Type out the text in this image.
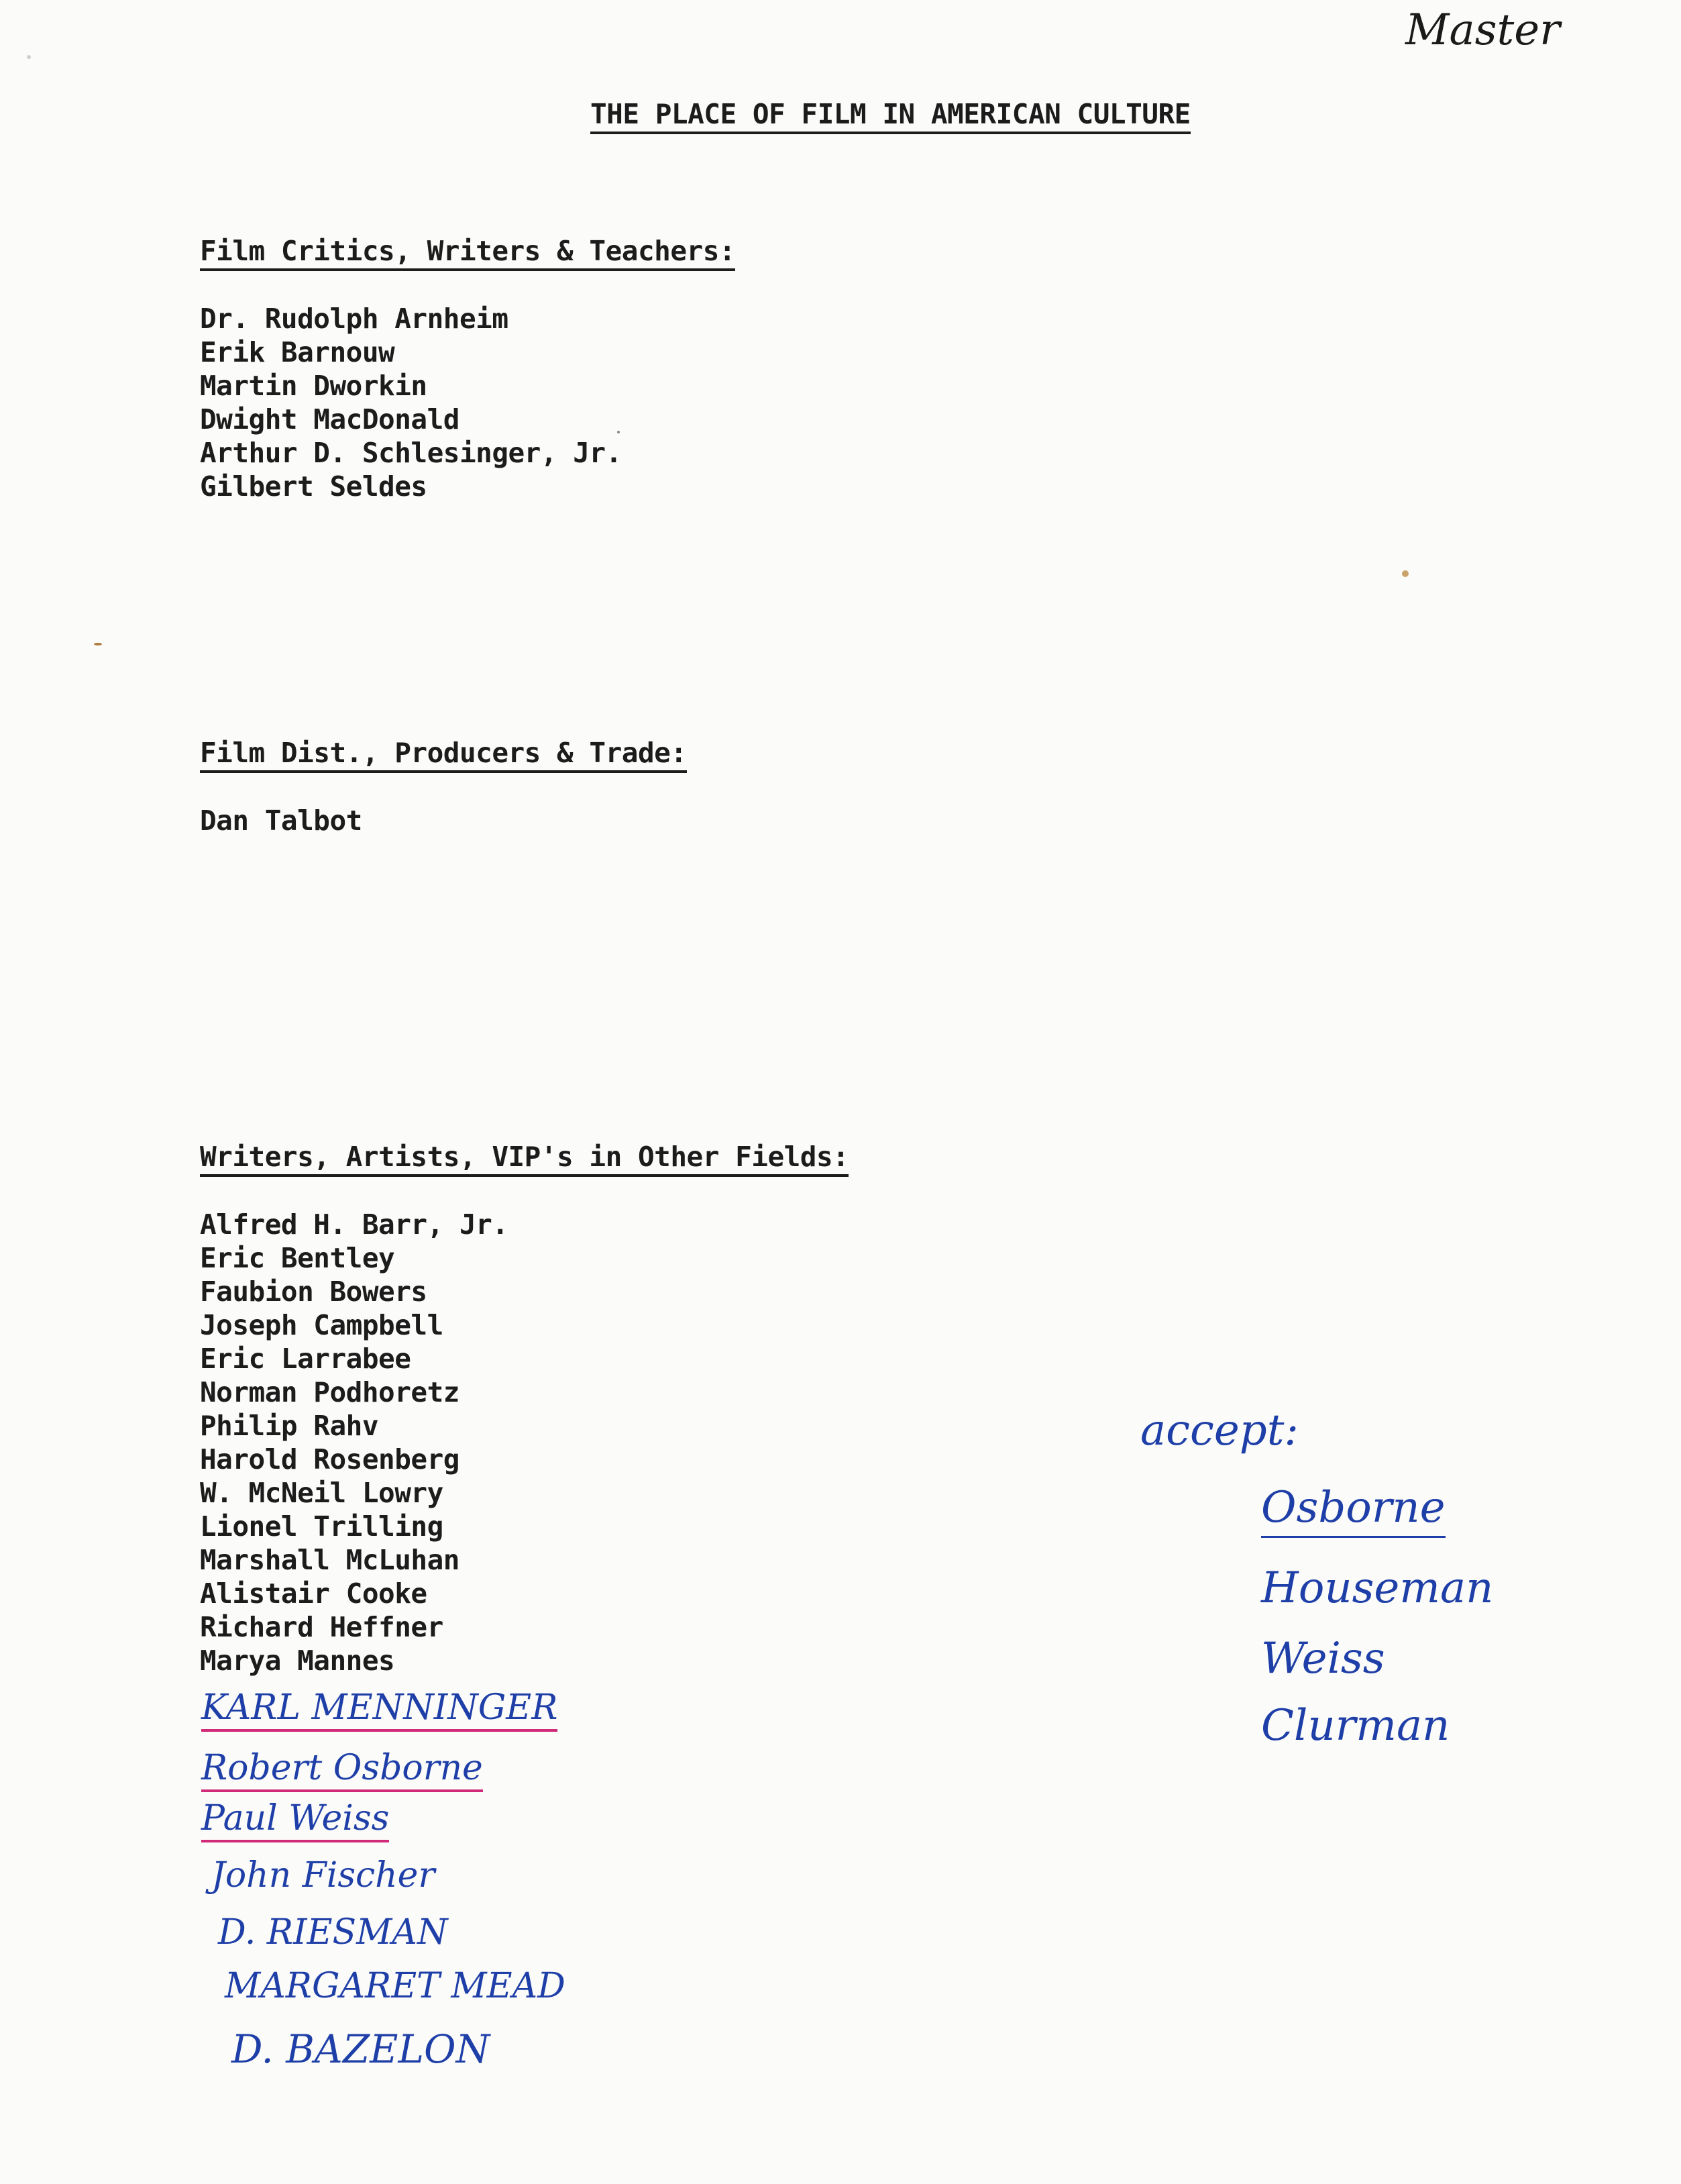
Master
THE PLACE OF FILM IN AMERICAN CULTURE
Film Critics, Writers & Teachers:
Dr. Rudolph Arnheim
Erik Barnouw
Martin Dworkin
Dwight MacDonald
Arthur D. Schlesinger, Jr.
Gilbert Seldes
Film Dist., Producers & Trade:
Dan Talbot
Writers, Artists, VIP's in Other Fields:
Alfred H. Barr, Jr.
Eric Bentley
Faubion Bowers
Joseph Campbell
Eric Larrabee
Norman Podhoretz
Philip Rahv
Harold Rosenberg
W. McNeil Lowry
Lionel Trilling
Marshall McLuhan
Alistair Cooke
Richard Heffner
Marya Mannes
KARL MENNINGER
Robert Osborne
Paul Weiss
John Fischer
D. RIESMAN
MARGARET MEAD
D. BAZELON
accept:
Osborne
Houseman
Weiss
Clurman
